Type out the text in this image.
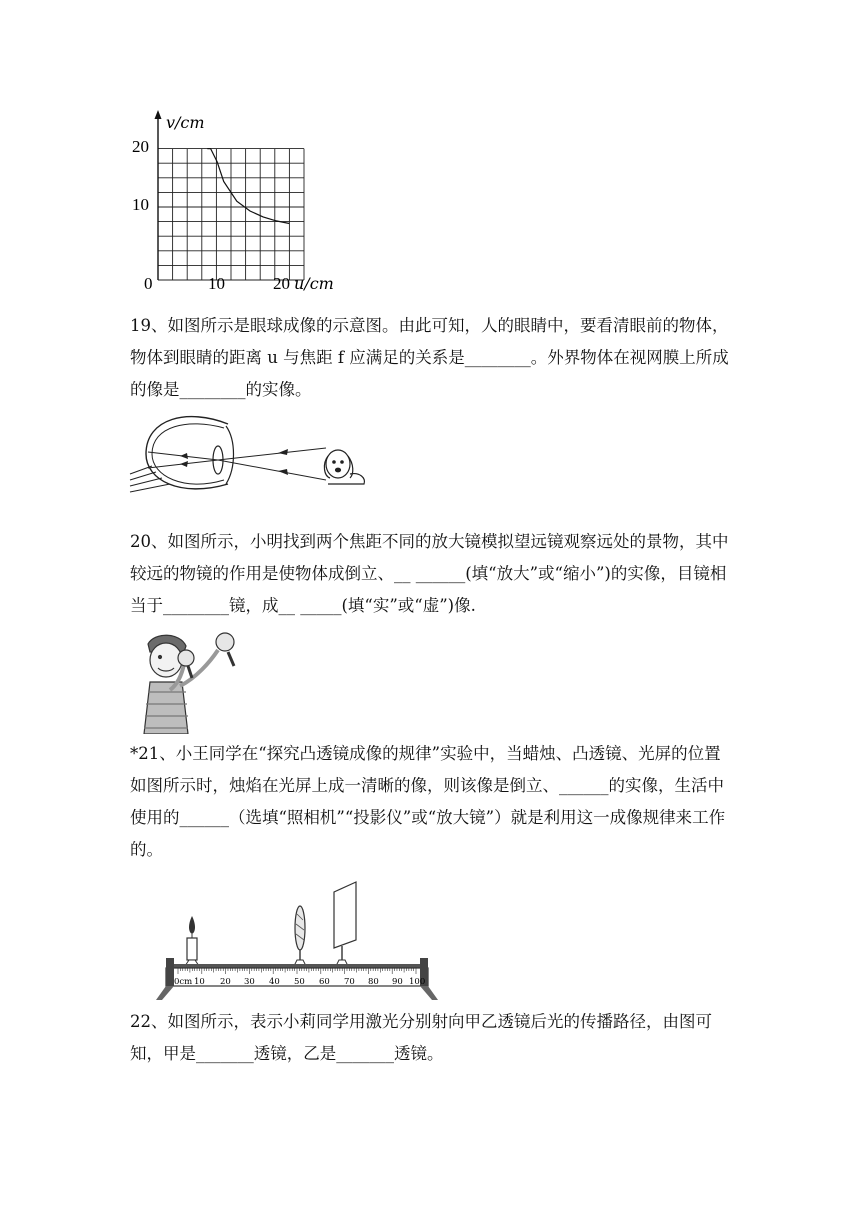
v/cm
20
10
0	10	20 u/cm

19、如图所示是眼球成像的示意图。由此可知，人的眼睛中，要看清眼前的物体，物体到眼睛的距离 u 与焦距 f 应满足的关系是________。外界物体在视网膜上所成的像是________的实像。

20、如图所示，小明找到两个焦距不同的放大镜模拟望远镜观察远处的景物，其中较远的物镜的作用是使物体成倒立、__ ______(填“放大”或“缩小”)的实像，目镜相当于________镜，成__ _____(填“实”或“虚”)像.

*21、小王同学在“探究凸透镜成像的规律”实验中，当蜡烛、凸透镜、光屏的位置如图所示时，烛焰在光屏上成一清晰的像，则该像是倒立、______的实像，生活中使用的______（选填“照相机”“投影仪”或“放大镜”）就是利用这一成像规律来工作的。

0cm 10 20 30 40 50 60 70 80 90 100

22、如图所示，表示小莉同学用激光分别射向甲乙透镜后光的传播路径，由图可知，甲是_______透镜，乙是_______透镜。
